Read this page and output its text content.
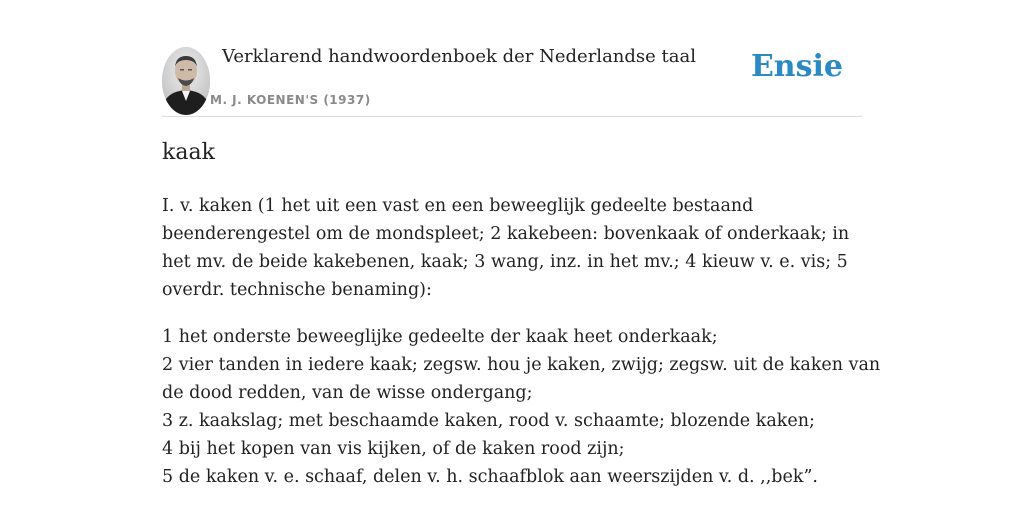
Verklarend handwoordenboek der Nederlandse taal
M. J. KOENEN'S (1937)
Ensie
kaak

I. v. kaken (1 het uit een vast en een beweeglijk gedeelte bestaand beenderengestel om de mondspleet; 2 kakebeen: bovenkaak of onderkaak; in het mv. de beide kakebenen, kaak; 3 wang, inz. in het mv.; 4 kieuw v. e. vis; 5 overdr. technische benaming):

1 het onderste beweeglijke gedeelte der kaak heet onderkaak;
2 vier tanden in iedere kaak; zegsw. hou je kaken, zwijg; zegsw. uit de kaken van de dood redden, van de wisse ondergang;
3 z. kaakslag; met beschaamde kaken, rood v. schaamte; blozende kaken;
4 bij het kopen van vis kijken, of de kaken rood zijn;
5 de kaken v. e. schaaf, delen v. h. schaafblok aan weerszijden v. d. ,,bek”.
